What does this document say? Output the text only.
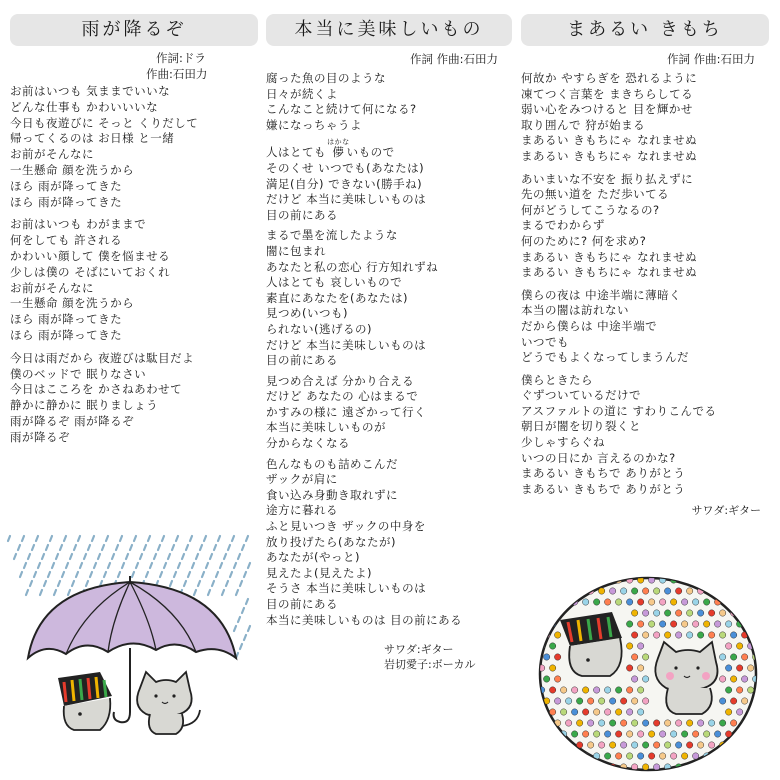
雨が降るぞ
作詞:ドラ
作曲:石田力
お前はいつも 気ままでいいな
どんな仕事も かわいいいな
今日も夜遊びに そっと くりだして
帰ってくるのは お日様 と一緒
お前がそんなに
一生懸命 顔を洗うから
ほら 雨が降ってきた
ほら 雨が降ってきた
お前はいつも わがままで
何をしても 許される
かわいい顔して 僕を悩ませる
少しは僕の そばにいておくれ
お前がそんなに
一生懸命 顔を洗うから
ほら 雨が降ってきた
ほら 雨が降ってきた
今日は雨だから 夜遊びは駄目だよ
僕のベッドで 眠りなさい
今日はこころを かさねあわせて
静かに静かに 眠りましょう
雨が降るぞ 雨が降るぞ
雨が降るぞ
本当に美味しいもの
作詞 作曲:石田力
腐った魚の目のような
日々が続くよ
こんなこと続けて何になる?
嫌になっちゃうよ
人はとても 儚はかないもので
そのくせ いつでも(あなたは)
満足(自分) できない(勝手ね)
だけど 本当に美味しいものは
目の前にある
まるで墨を流したような
闇に包まれ
あなたと私の恋心 行方知れずね
人はとても 哀しいもので
素直にあなたを(あなたは)
見つめ(いつも)
られない(逃げるの)
だけど 本当に美味しいものは
目の前にある
見つめ合えば 分かり合える
だけど あなたの 心はまるで
かすみの様に 遠ざかって行く
本当に美味しいものが
分からなくなる
色んなものも詰めこんだ
ザックが肩に
食い込み身動き取れずに
途方に暮れる
ふと見いつき ザックの中身を
放り投げたら(あなたが)
あなたが(やっと)
見えたよ(見えたよ)
そうさ 本当に美味しいものは
目の前にある
本当に美味しいものは 目の前にある
サワダ:ギター
岩切愛子:ボーカル
まあるい きもち
作詞 作曲:石田力
何故か やすらぎを 恐れるように
凍てつく言葉を まきちらしてる
弱い心をみつけると 目を輝かせ
取り囲んで 狩が始まる
まあるい きもちにゃ なれませぬ
まあるい きもちにゃ なれませぬ
あいまいな不安を 振り払えずに
先の無い道を ただ歩いてる
何がどうしてこうなるの?
まるでわからず
何のために? 何を求め?
まあるい きもちにゃ なれませぬ
まあるい きもちにゃ なれませぬ
僕らの夜は 中途半端に薄暗く
本当の闇は訪れない
だから僕らは 中途半端で
いつでも
どうでもよくなってしまうんだ
僕らときたら
ぐずついているだけで
アスファルトの道に すわりこんでる
朝日が闇を切り裂くと
少しゃすらぐね
いつの日にか 言えるのかな?
まあるい きもちで ありがとう
まあるい きもちで ありがとう
サワダ:ギター
